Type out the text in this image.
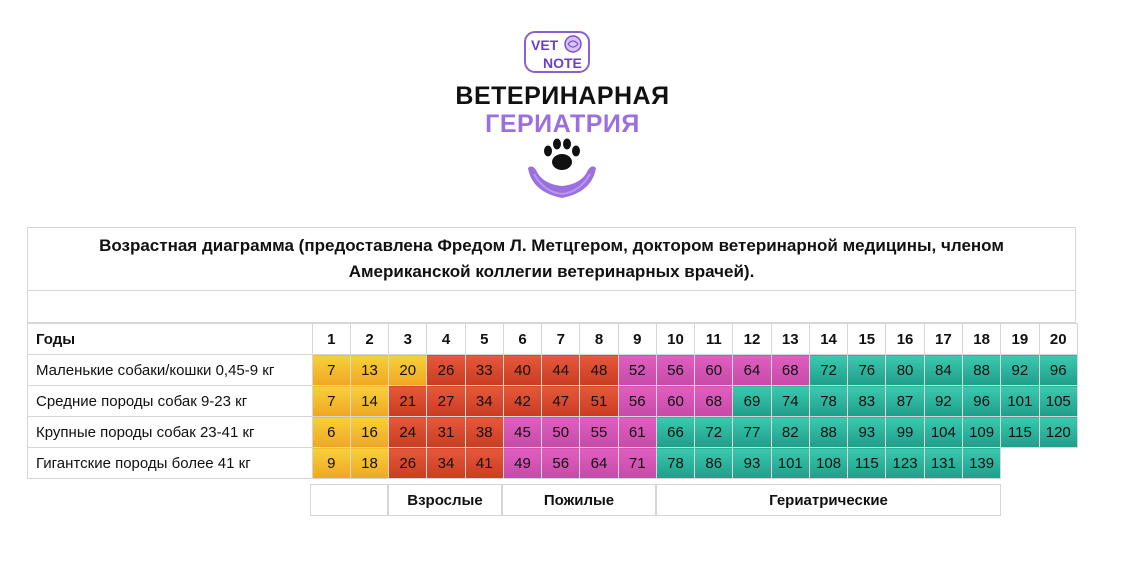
VET
NOTE
ВЕТЕРИНАРНАЯ
ГЕРИАТРИЯ
Возрастная диаграмма (предоставлена Фредом Л. Метцгером, доктором ветеринарной медицины, членом Американской коллегии ветеринарных врачей).
Годы	1	2	3	4	5	6	7	8	9	10	11	12	13	14	15	16	17	18	19	20
Маленькие собаки/кошки 0,45-9 кг	7	13	20	26	33	40	44	48	52	56	60	64	68	72	76	80	84	88	92	96
Средние породы собак 9-23 кг	7	14	21	27	34	42	47	51	56	60	68	69	74	78	83	87	92	96	101	105
Крупные породы собак 23-41 кг	6	16	24	31	38	45	50	55	61	66	72	77	82	88	93	99	104	109	115	120
Гигантские породы более 41 кг	9	18	26	34	41	49	56	64	71	78	86	93	101	108	115	123	131	139		
Взрослые	Пожилые	Гериатрические
